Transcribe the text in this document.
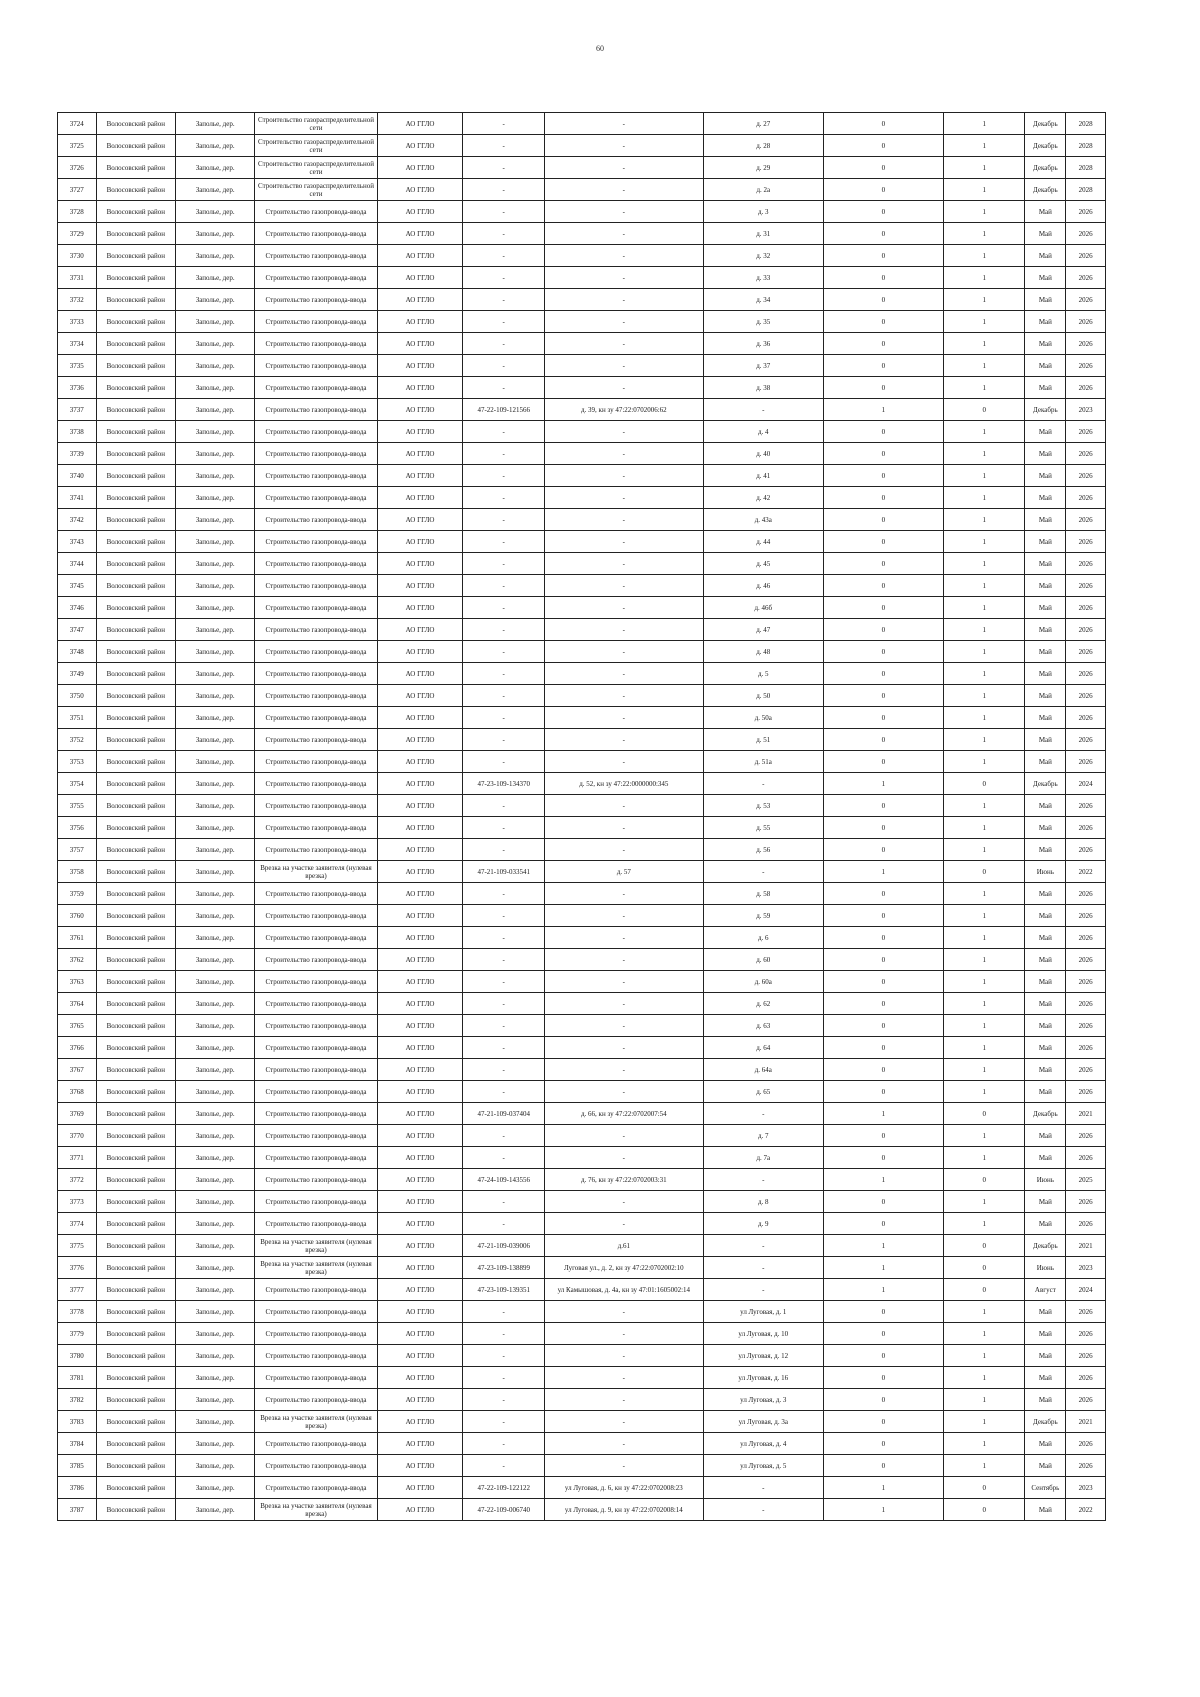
60
3724	Волосовский район	Заполье, дер.	Строительство газораспределительной сети	АО ГГЛО	-	-	д. 27	0	1	Декабрь	2028
3725	Волосовский район	Заполье, дер.	Строительство газораспределительной сети	АО ГГЛО	-	-	д. 28	0	1	Декабрь	2028
3726	Волосовский район	Заполье, дер.	Строительство газораспределительной сети	АО ГГЛО	-	-	д. 29	0	1	Декабрь	2028
3727	Волосовский район	Заполье, дер.	Строительство газораспределительной сети	АО ГГЛО	-	-	д. 2а	0	1	Декабрь	2028
3728	Волосовский район	Заполье, дер.	Строительство газопровода-ввода	АО ГГЛО	-	-	д. 3	0	1	Май	2026
3729	Волосовский район	Заполье, дер.	Строительство газопровода-ввода	АО ГГЛО	-	-	д. 31	0	1	Май	2026
3730	Волосовский район	Заполье, дер.	Строительство газопровода-ввода	АО ГГЛО	-	-	д. 32	0	1	Май	2026
3731	Волосовский район	Заполье, дер.	Строительство газопровода-ввода	АО ГГЛО	-	-	д. 33	0	1	Май	2026
3732	Волосовский район	Заполье, дер.	Строительство газопровода-ввода	АО ГГЛО	-	-	д. 34	0	1	Май	2026
3733	Волосовский район	Заполье, дер.	Строительство газопровода-ввода	АО ГГЛО	-	-	д. 35	0	1	Май	2026
3734	Волосовский район	Заполье, дер.	Строительство газопровода-ввода	АО ГГЛО	-	-	д. 36	0	1	Май	2026
3735	Волосовский район	Заполье, дер.	Строительство газопровода-ввода	АО ГГЛО	-	-	д. 37	0	1	Май	2026
3736	Волосовский район	Заполье, дер.	Строительство газопровода-ввода	АО ГГЛО	-	-	д. 38	0	1	Май	2026
3737	Волосовский район	Заполье, дер.	Строительство газопровода-ввода	АО ГГЛО	47-22-109-121566	д. 39, кн зу 47:22:0702006:62	-	1	0	Декабрь	2023
3738	Волосовский район	Заполье, дер.	Строительство газопровода-ввода	АО ГГЛО	-	-	д. 4	0	1	Май	2026
3739	Волосовский район	Заполье, дер.	Строительство газопровода-ввода	АО ГГЛО	-	-	д. 40	0	1	Май	2026
3740	Волосовский район	Заполье, дер.	Строительство газопровода-ввода	АО ГГЛО	-	-	д. 41	0	1	Май	2026
3741	Волосовский район	Заполье, дер.	Строительство газопровода-ввода	АО ГГЛО	-	-	д. 42	0	1	Май	2026
3742	Волосовский район	Заполье, дер.	Строительство газопровода-ввода	АО ГГЛО	-	-	д. 43а	0	1	Май	2026
3743	Волосовский район	Заполье, дер.	Строительство газопровода-ввода	АО ГГЛО	-	-	д. 44	0	1	Май	2026
3744	Волосовский район	Заполье, дер.	Строительство газопровода-ввода	АО ГГЛО	-	-	д. 45	0	1	Май	2026
3745	Волосовский район	Заполье, дер.	Строительство газопровода-ввода	АО ГГЛО	-	-	д. 46	0	1	Май	2026
3746	Волосовский район	Заполье, дер.	Строительство газопровода-ввода	АО ГГЛО	-	-	д. 46б	0	1	Май	2026
3747	Волосовский район	Заполье, дер.	Строительство газопровода-ввода	АО ГГЛО	-	-	д. 47	0	1	Май	2026
3748	Волосовский район	Заполье, дер.	Строительство газопровода-ввода	АО ГГЛО	-	-	д. 48	0	1	Май	2026
3749	Волосовский район	Заполье, дер.	Строительство газопровода-ввода	АО ГГЛО	-	-	д. 5	0	1	Май	2026
3750	Волосовский район	Заполье, дер.	Строительство газопровода-ввода	АО ГГЛО	-	-	д. 50	0	1	Май	2026
3751	Волосовский район	Заполье, дер.	Строительство газопровода-ввода	АО ГГЛО	-	-	д. 50а	0	1	Май	2026
3752	Волосовский район	Заполье, дер.	Строительство газопровода-ввода	АО ГГЛО	-	-	д. 51	0	1	Май	2026
3753	Волосовский район	Заполье, дер.	Строительство газопровода-ввода	АО ГГЛО	-	-	д. 51а	0	1	Май	2026
3754	Волосовский район	Заполье, дер.	Строительство газопровода-ввода	АО ГГЛО	47-23-109-134370	д. 52, кн зу 47:22:0000000:345	-	1	0	Декабрь	2024
3755	Волосовский район	Заполье, дер.	Строительство газопровода-ввода	АО ГГЛО	-	-	д. 53	0	1	Май	2026
3756	Волосовский район	Заполье, дер.	Строительство газопровода-ввода	АО ГГЛО	-	-	д. 55	0	1	Май	2026
3757	Волосовский район	Заполье, дер.	Строительство газопровода-ввода	АО ГГЛО	-	-	д. 56	0	1	Май	2026
3758	Волосовский район	Заполье, дер.	Врезка на участке заявителя (нулевая врезка)	АО ГГЛО	47-21-109-033541	д. 57	-	1	0	Июнь	2022
3759	Волосовский район	Заполье, дер.	Строительство газопровода-ввода	АО ГГЛО	-	-	д. 58	0	1	Май	2026
3760	Волосовский район	Заполье, дер.	Строительство газопровода-ввода	АО ГГЛО	-	-	д. 59	0	1	Май	2026
3761	Волосовский район	Заполье, дер.	Строительство газопровода-ввода	АО ГГЛО	-	-	д. 6	0	1	Май	2026
3762	Волосовский район	Заполье, дер.	Строительство газопровода-ввода	АО ГГЛО	-	-	д. 60	0	1	Май	2026
3763	Волосовский район	Заполье, дер.	Строительство газопровода-ввода	АО ГГЛО	-	-	д. 60а	0	1	Май	2026
3764	Волосовский район	Заполье, дер.	Строительство газопровода-ввода	АО ГГЛО	-	-	д. 62	0	1	Май	2026
3765	Волосовский район	Заполье, дер.	Строительство газопровода-ввода	АО ГГЛО	-	-	д. 63	0	1	Май	2026
3766	Волосовский район	Заполье, дер.	Строительство газопровода-ввода	АО ГГЛО	-	-	д. 64	0	1	Май	2026
3767	Волосовский район	Заполье, дер.	Строительство газопровода-ввода	АО ГГЛО	-	-	д. 64а	0	1	Май	2026
3768	Волосовский район	Заполье, дер.	Строительство газопровода-ввода	АО ГГЛО	-	-	д. 65	0	1	Май	2026
3769	Волосовский район	Заполье, дер.	Строительство газопровода-ввода	АО ГГЛО	47-21-109-037404	д. 66, кн зу 47:22:0702007:54	-	1	0	Декабрь	2021
3770	Волосовский район	Заполье, дер.	Строительство газопровода-ввода	АО ГГЛО	-	-	д. 7	0	1	Май	2026
3771	Волосовский район	Заполье, дер.	Строительство газопровода-ввода	АО ГГЛО	-	-	д. 7а	0	1	Май	2026
3772	Волосовский район	Заполье, дер.	Строительство газопровода-ввода	АО ГГЛО	47-24-109-143556	д. 76, кн зу 47:22:0702003:31	-	1	0	Июнь	2025
3773	Волосовский район	Заполье, дер.	Строительство газопровода-ввода	АО ГГЛО	-	-	д. 8	0	1	Май	2026
3774	Волосовский район	Заполье, дер.	Строительство газопровода-ввода	АО ГГЛО	-	-	д. 9	0	1	Май	2026
3775	Волосовский район	Заполье, дер.	Врезка на участке заявителя (нулевая врезка)	АО ГГЛО	47-21-109-039006	д.61	-	1	0	Декабрь	2021
3776	Волосовский район	Заполье, дер.	Врезка на участке заявителя (нулевая врезка)	АО ГГЛО	47-23-109-138899	Луговая ул., д. 2, кн зу 47:22:0702002:10	-	1	0	Июнь	2023
3777	Волосовский район	Заполье, дер.	Строительство газопровода-ввода	АО ГГЛО	47-23-109-139351	ул Камышовая, д. 4а, кн зу 47:01:1605002:14	-	1	0	Август	2024
3778	Волосовский район	Заполье, дер.	Строительство газопровода-ввода	АО ГГЛО	-	-	ул Луговая, д. 1	0	1	Май	2026
3779	Волосовский район	Заполье, дер.	Строительство газопровода-ввода	АО ГГЛО	-	-	ул Луговая, д. 10	0	1	Май	2026
3780	Волосовский район	Заполье, дер.	Строительство газопровода-ввода	АО ГГЛО	-	-	ул Луговая, д. 12	0	1	Май	2026
3781	Волосовский район	Заполье, дер.	Строительство газопровода-ввода	АО ГГЛО	-	-	ул Луговая, д. 16	0	1	Май	2026
3782	Волосовский район	Заполье, дер.	Строительство газопровода-ввода	АО ГГЛО	-	-	ул Луговая, д. 3	0	1	Май	2026
3783	Волосовский район	Заполье, дер.	Врезка на участке заявителя (нулевая врезка)	АО ГГЛО	-	-	ул Луговая, д. 3а	0	1	Декабрь	2021
3784	Волосовский район	Заполье, дер.	Строительство газопровода-ввода	АО ГГЛО	-	-	ул Луговая, д. 4	0	1	Май	2026
3785	Волосовский район	Заполье, дер.	Строительство газопровода-ввода	АО ГГЛО	-	-	ул Луговая, д. 5	0	1	Май	2026
3786	Волосовский район	Заполье, дер.	Строительство газопровода-ввода	АО ГГЛО	47-22-109-122122	ул Луговая, д. 6, кн зу 47:22:0702008:23	-	1	0	Сентябрь	2023
3787	Волосовский район	Заполье, дер.	Врезка на участке заявителя (нулевая врезка)	АО ГГЛО	47-22-109-006740	ул Луговая, д. 9, кн зу 47:22:0702008:14	-	1	0	Май	2022
